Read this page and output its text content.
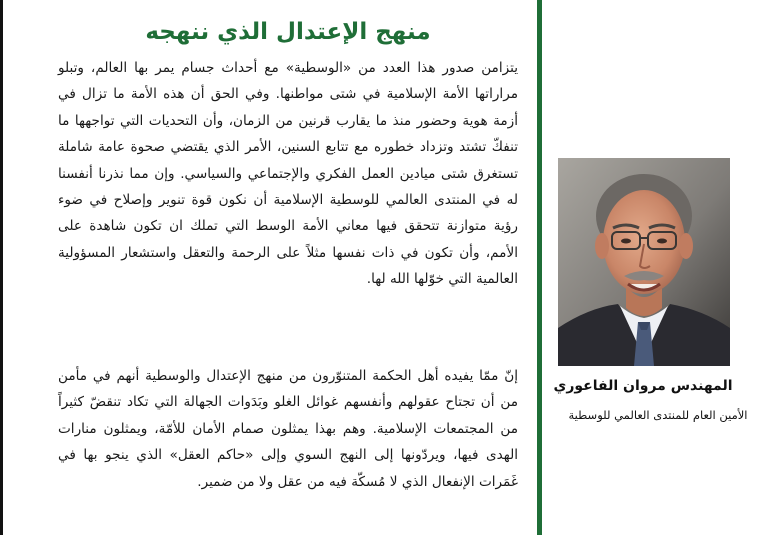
منهج الإعتدال الذي ننهجه

يتزامن صدور هذا العدد من «الوسطية» مع أحداث جسام يمر بها العالم، وتبلو مراراتها الأمة الإسلامية في شتى مواطنها. وفي الحق أن هذه الأمة ما تزال في أزمة هوية وحضور منذ ما يقارب قرنين من الزمان، وأن التحديات التي تواجهها ما تنفكّ تشتد وتزداد خطوره مع تتابع السنين، الأمر الذي يقتضي صحوة عامة شاملة تستغرق شتى ميادين العمل الفكري والإجتماعي والسياسي. وإن مما نذرنا أنفسنا له في المنتدى العالمي للوسطية الإسلامية أن نكون قوة تنوير وإصلاح في ضوء رؤية متوازنة تتحقق فيها معاني الأمة الوسط التي تملك ان تكون شاهدة على الأمم، وأن تكون في ذات نفسها مثلاً على الرحمة والتعقل واستشعار المسؤولية العالمية التي خوّلها الله لها.

إنّ ممّا يفيده أهل الحكمة المتنوّرون من منهج الإعتدال والوسطية أنهم في مأمن من أن تجتاح عقولهم وأنفسهم غوائل الغلو وبَدَوات الجهالة التي تكاد تنقضّ كثيراً من المجتمعات الإسلامية. وهم بهذا يمثلون صمام الأمان للأمّة، ويمثلون منارات الهدى فيها، ويردّونها إلى النهج السوي وإلى «حاكم العقل» الذي ينجو بها في غَمَرات الإنفعال الذي لا مُسكّة فيه من عقل ولا من ضمير.

المهندس مروان الفاعوري
الأمين العام للمنتدى العالمي للوسطية
